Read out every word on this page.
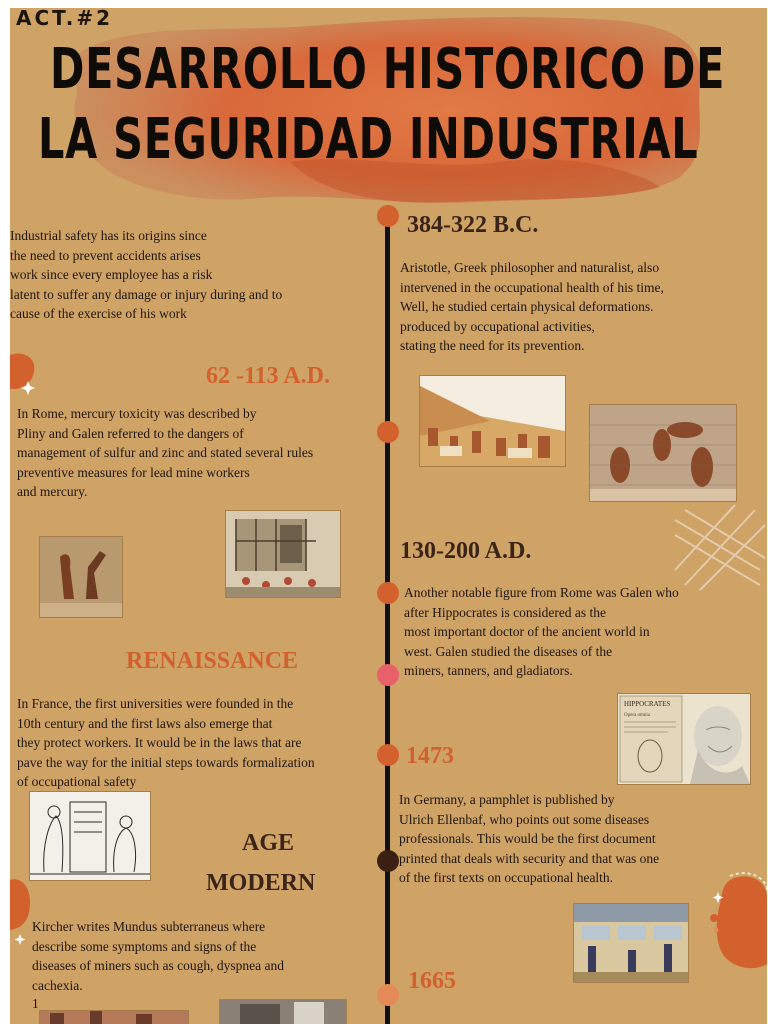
ACT.#2
DESARROLLO HISTORICO DE
LA SEGURIDAD INDUSTRIAL
Industrial safety has its origins since
the need to prevent accidents arises
work since every employee has a risk
latent to suffer any damage or injury during and to
cause of the exercise of his work
384-322 B.C.
Aristotle, Greek philosopher and naturalist, also
intervened in the occupational health of his time,
Well, he studied certain physical deformations.
produced by occupational activities,
stating the need for its prevention.
62 -113 A.D.
In Rome, mercury toxicity was described by
Pliny and Galen referred to the dangers of
management of sulfur and zinc and stated several rules
preventive measures for lead mine workers
and mercury.
130-200 A.D.
Another notable figure from Rome was Galen who
after Hippocrates is considered as the
most important doctor of the ancient world in
west. Galen studied the diseases of the
miners, tanners, and gladiators.
RENAISSANCE
In France, the first universities were founded in the
10th century and the first laws also emerge that
they protect workers. It would be in the laws that are
pave the way for the initial steps towards formalization
of occupational safety
HIPPOCRATES
Opera omnia
1473
In Germany, a pamphlet is published by
Ulrich Ellenbaf, who points out some diseases
professionals. This would be the first document
printed that deals with security and that was one
of the first texts on occupational health.
AGE
MODERN
Kircher writes Mundus subterraneus where
describe some symptoms and signs of the
diseases of miners such as cough, dyspnea and
cachexia.
1
1665
